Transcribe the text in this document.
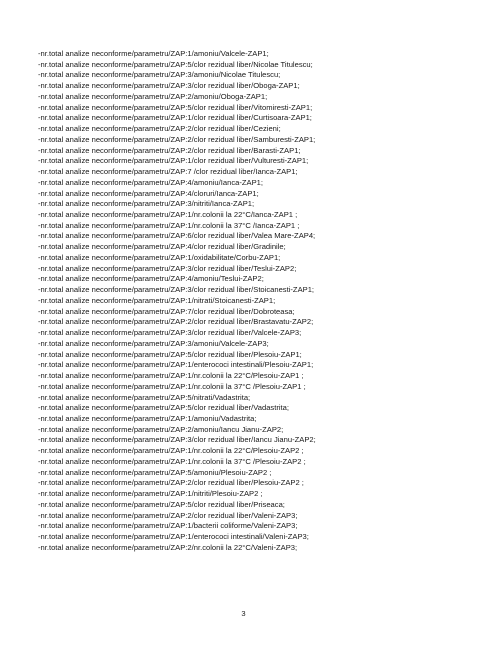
-nr.total analize neconforme/parametru/ZAP:1/amoniu/Valcele-ZAP1;
-nr.total analize neconforme/parametru/ZAP:5/clor rezidual liber/Nicolae Titulescu;
-nr.total analize neconforme/parametru/ZAP:3/amoniu/Nicolae Titulescu;
-nr.total analize neconforme/parametru/ZAP:3/clor rezidual liber/Oboga-ZAP1;
-nr.total analize neconforme/parametru/ZAP:2/amoniu/Oboga-ZAP1;
-nr.total analize neconforme/parametru/ZAP:5/clor rezidual liber/Vitomiresti-ZAP1;
-nr.total analize neconforme/parametru/ZAP:1/clor rezidual liber/Curtisoara-ZAP1;
-nr.total analize neconforme/parametru/ZAP:2/clor rezidual liber/Cezieni;
-nr.total analize neconforme/parametru/ZAP:2/clor rezidual liber/Samburesti-ZAP1;
-nr.total analize neconforme/parametru/ZAP:2/clor rezidual liber/Barasti-ZAP1;
-nr.total analize neconforme/parametru/ZAP:1/clor rezidual liber/Vulturesti-ZAP1;
-nr.total analize neconforme/parametru/ZAP:7 /clor rezidual liber/Ianca-ZAP1;
-nr.total analize neconforme/parametru/ZAP:4/amoniu/Ianca-ZAP1;
-nr.total analize neconforme/parametru/ZAP:4/cloruri/Ianca-ZAP1;
-nr.total analize neconforme/parametru/ZAP:3/nitriti/Ianca-ZAP1;
-nr.total analize neconforme/parametru/ZAP:1/nr.colonii la 22°C/Ianca-ZAP1 ;
-nr.total analize neconforme/parametru/ZAP:1/nr.colonii la 37°C /Ianca-ZAP1 ;
-nr.total analize neconforme/parametru/ZAP:6/clor rezidual liber/Valea Mare-ZAP4;
-nr.total analize neconforme/parametru/ZAP:4/clor rezidual liber/Gradinile;
-nr.total analize neconforme/parametru/ZAP:1/oxidabilitate/Corbu-ZAP1;
-nr.total analize neconforme/parametru/ZAP:3/clor rezidual liber/Teslui-ZAP2;
-nr.total analize neconforme/parametru/ZAP:4/amoniu/Teslui-ZAP2;
-nr.total analize neconforme/parametru/ZAP:3/clor rezidual liber/Stoicanesti-ZAP1;
-nr.total analize neconforme/parametru/ZAP:1/nitrati/Stoicanesti-ZAP1;
-nr.total analize neconforme/parametru/ZAP:7/clor rezidual liber/Dobroteasa;
-nr.total analize neconforme/parametru/ZAP:2/clor rezidual liber/Brastavatu-ZAP2;
-nr.total analize neconforme/parametru/ZAP:3/clor rezidual liber/Valcele-ZAP3;
-nr.total analize neconforme/parametru/ZAP:3/amoniu/Valcele-ZAP3;
-nr.total analize neconforme/parametru/ZAP:5/clor rezidual liber/Plesoiu-ZAP1;
-nr.total analize neconforme/parametru/ZAP:1/enterococi intestinali/Plesoiu-ZAP1;
-nr.total analize neconforme/parametru/ZAP:1/nr.colonii la 22°C/Plesoiu-ZAP1 ;
-nr.total analize neconforme/parametru/ZAP:1/nr.colonii la 37°C /Plesoiu-ZAP1 ;
-nr.total analize neconforme/parametru/ZAP:5/nitrati/Vadastrita;
-nr.total analize neconforme/parametru/ZAP:5/clor rezidual liber/Vadastrita;
-nr.total analize neconforme/parametru/ZAP:1/amoniu/Vadastrita;
-nr.total analize neconforme/parametru/ZAP:2/amoniu/Iancu Jianu-ZAP2;
-nr.total analize neconforme/parametru/ZAP:3/clor rezidual liber/Iancu Jianu-ZAP2;
-nr.total analize neconforme/parametru/ZAP:1/nr.colonii la 22°C/Plesoiu-ZAP2 ;
-nr.total analize neconforme/parametru/ZAP:1/nr.colonii la 37°C /Plesoiu-ZAP2 ;
-nr.total analize neconforme/parametru/ZAP:5/amoniu/Plesoiu-ZAP2 ;
-nr.total analize neconforme/parametru/ZAP:2/clor rezidual liber/Plesoiu-ZAP2 ;
-nr.total analize neconforme/parametru/ZAP:1/nitriti/Plesoiu-ZAP2 ;
-nr.total analize neconforme/parametru/ZAP:5/clor rezidual liber/Priseaca;
-nr.total analize neconforme/parametru/ZAP:2/clor rezidual liber/Valeni-ZAP3;
-nr.total analize neconforme/parametru/ZAP:1/bacterii coliforme/Valeni-ZAP3;
-nr.total analize neconforme/parametru/ZAP:1/enterococi intestinali/Valeni-ZAP3;
-nr.total analize neconforme/parametru/ZAP:2/nr.colonii la 22°C/Valeni-ZAP3;
3
